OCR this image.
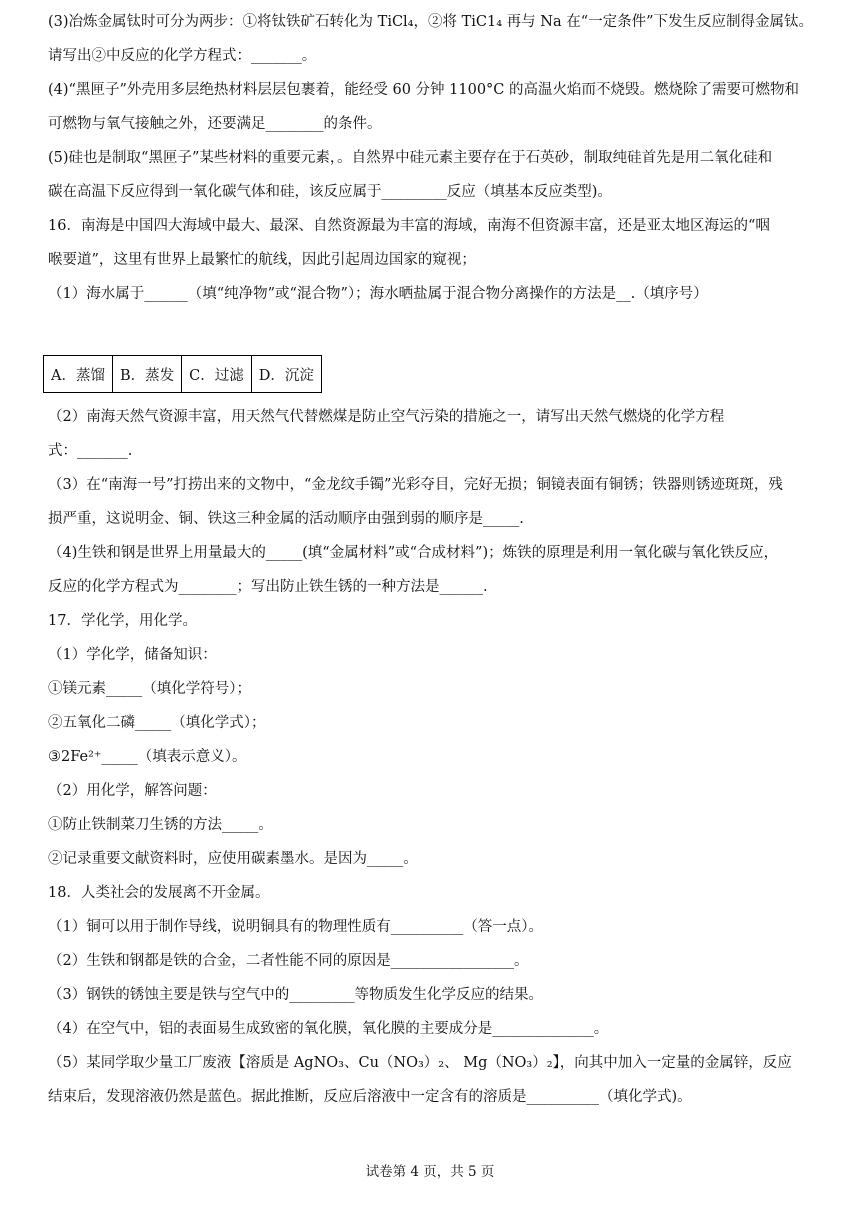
(3)冶炼金属钛时可分为两步：①将钛铁矿石转化为 TiCl₄，②将 TiC1₄ 再与 Na 在“一定条件”下发生反应制得金属钛。
请写出②中反应的化学方程式：_______。
(4)“黑匣子”外壳用多层绝热材料层层包裹着，能经受 60 分钟 1100°C 的高温火焰而不烧毁。燃烧除了需要可燃物和
可燃物与氧气接触之外，还要满足________的条件。
(5)硅也是制取“黑匣子”某些材料的重要元素，。自然界中硅元素主要存在于石英砂，制取纯硅首先是用二氧化硅和
碳在高温下反应得到一氧化碳气体和硅，该反应属于_________反应（填基本反应类型)。
16．南海是中国四大海域中最大、最深、自然资源最为丰富的海域，南海不但资源丰富，还是亚太地区海运的“咽
喉要道”，这里有世界上最繁忙的航线，因此引起周边国家的窥视；
（1）海水属于______（填“纯净物”或“混合物”）；海水晒盐属于混合物分离操作的方法是__.（填序号）
A．蒸馏	B．蒸发	C．过滤	D．沉淀
（2）南海天然气资源丰富，用天然气代替燃煤是防止空气污染的措施之一，请写出天然气燃烧的化学方程
式：_______.
（3）在“南海一号”打捞出来的文物中，“金龙纹手镯”光彩夺目，完好无损；铜镜表面有铜锈；铁器则锈迹斑斑，残
损严重，这说明金、铜、铁这三种金属的活动顺序由强到弱的顺序是_____.
（4)生铁和钢是世界上用量最大的_____(填“金属材料”或“合成材料”)；炼铁的原理是利用一氧化碳与氧化铁反应，
反应的化学方程式为________；写出防止铁生锈的一种方法是______.
17．学化学，用化学。
（1）学化学，储备知识：
①镁元素_____（填化学符号）；
②五氧化二磷_____（填化学式）；
③2Fe²⁺_____（填表示意义）。
（2）用化学，解答问题：
①防止铁制菜刀生锈的方法_____。
②记录重要文献资料时，应使用碳素墨水。是因为_____。
18．人类社会的发展离不开金属。
（1）铜可以用于制作导线，说明铜具有的物理性质有__________（答一点）。
（2）生铁和钢都是铁的合金，二者性能不同的原因是_________________。
（3）钢铁的锈蚀主要是铁与空气中的_________等物质发生化学反应的结果。
（4）在空气中，铝的表面易生成致密的氧化膜，氧化膜的主要成分是______________。
（5）某同学取少量工厂废液【溶质是 AgNO₃、Cu（NO₃）₂、 Mg（NO₃）₂】，向其中加入一定量的金属锌，反应
结束后，发现溶液仍然是蓝色。据此推断，反应后溶液中一定含有的溶质是__________（填化学式)。
试卷第 4 页，共 5 页
